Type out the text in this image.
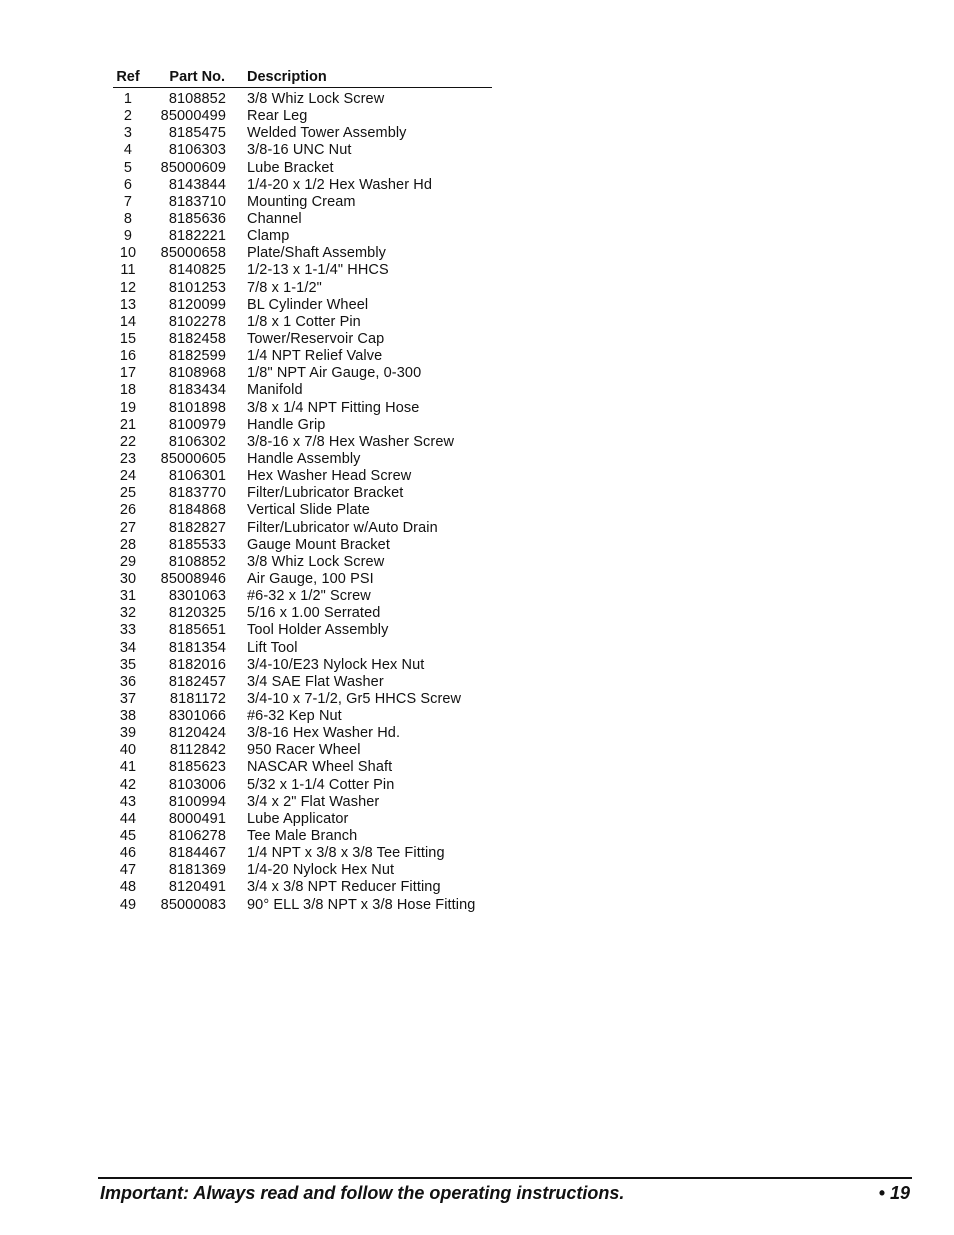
Ref	Part No. Description
1	8108852 3/8 Whiz Lock Screw
2	85000499 Rear Leg
3	8185475 Welded Tower Assembly
4	8106303 3/8-16 UNC Nut
5	85000609 Lube Bracket
6	8143844 1/4-20 x 1/2 Hex Washer Hd
7	8183710 Mounting Cream
8	8185636 Channel
9	8182221 Clamp
10	85000658 Plate/Shaft Assembly
11	8140825 1/2-13 x 1-1/4" HHCS
12	8101253 7/8 x 1-1/2"
13	8120099 BL Cylinder Wheel
14	8102278 1/8 x 1 Cotter Pin
15	8182458 Tower/Reservoir Cap
16	8182599 1/4 NPT Relief Valve
17	8108968 1/8" NPT Air Gauge, 0-300
18	8183434 Manifold
19	8101898 3/8 x 1/4 NPT Fitting Hose
21	8100979 Handle Grip
22	8106302 3/8-16 x 7/8 Hex Washer Screw
23	85000605 Handle Assembly
24	8106301 Hex Washer Head Screw
25	8183770 Filter/Lubricator Bracket
26	8184868 Vertical Slide Plate
27	8182827 Filter/Lubricator w/Auto Drain
28	8185533 Gauge Mount Bracket
29	8108852 3/8 Whiz Lock Screw
30	85008946 Air Gauge, 100 PSI
31	8301063 #6-32 x 1/2" Screw
32	8120325 5/16 x 1.00 Serrated
33	8185651 Tool Holder Assembly
34	8181354 Lift Tool
35	8182016 3/4-10/E23 Nylock Hex Nut
36	8182457 3/4 SAE Flat Washer
37	8181172 3/4-10 x 7-1/2, Gr5 HHCS Screw
38	8301066 #6-32 Kep Nut
39	8120424 3/8-16 Hex Washer Hd.
40	8112842 950 Racer Wheel
41	8185623 NASCAR Wheel Shaft
42	8103006 5/32 x 1-1/4 Cotter Pin
43	8100994 3/4 x 2" Flat Washer
44	8000491 Lube Applicator
45	8106278 Tee Male Branch
46	8184467 1/4 NPT x 3/8 x 3/8 Tee Fitting
47	8181369 1/4-20 Nylock Hex Nut
48	8120491 3/4 x 3/8 NPT Reducer Fitting
49	85000083 90° ELL 3/8 NPT x 3/8 Hose Fitting
Important: Always read and follow the operating instructions.	• 19
